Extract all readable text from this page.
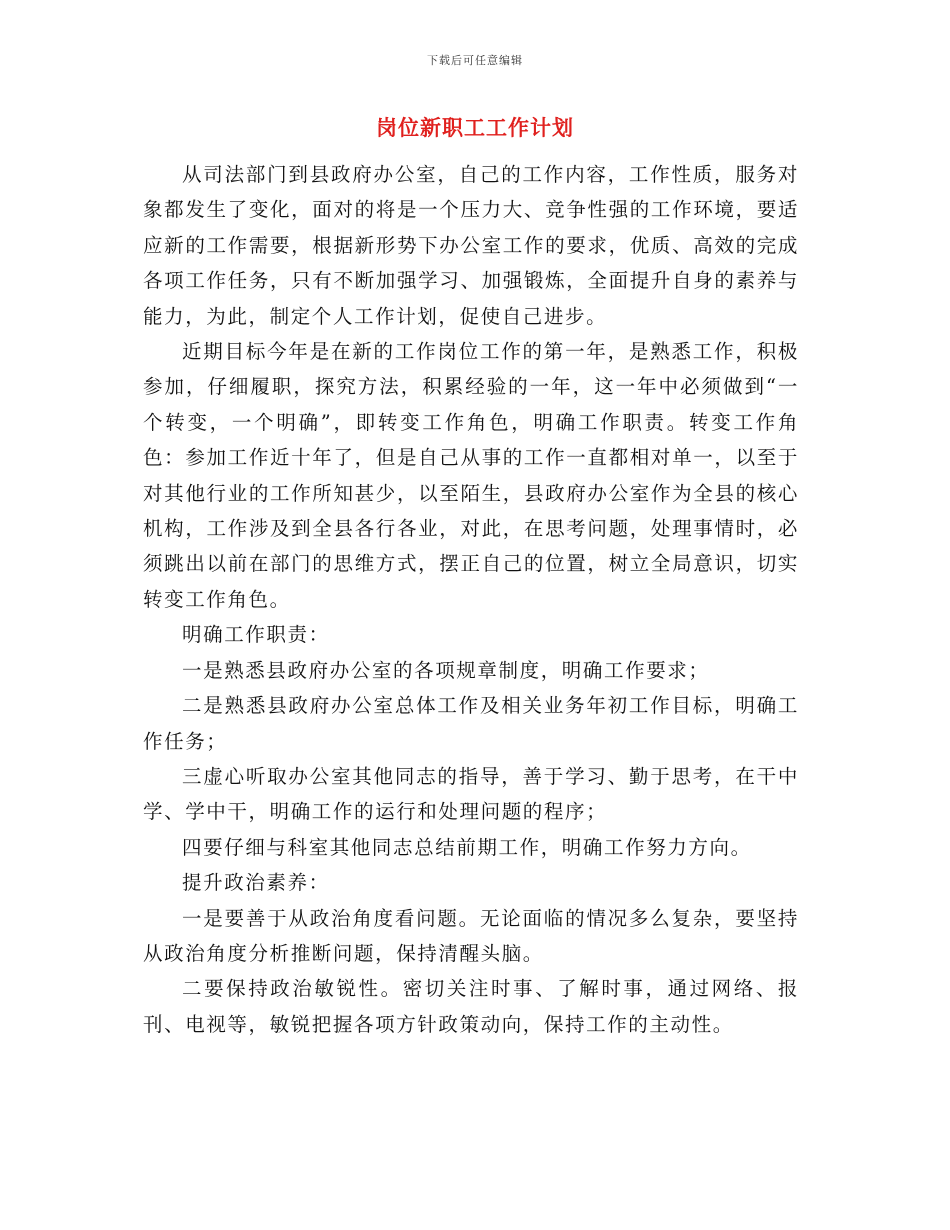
下载后可任意编辑
岗位新职工工作计划

从司法部门到县政府办公室，自己的工作内容，工作性质，服务对象都发生了变化，面对的将是一个压力大、竞争性强的工作环境，要适应新的工作需要，根据新形势下办公室工作的要求，优质、高效的完成各项工作任务，只有不断加强学习、加强锻炼，全面提升自身的素养与能力，为此，制定个人工作计划，促使自己进步。

近期目标今年是在新的工作岗位工作的第一年，是熟悉工作，积极参加，仔细履职，探究方法，积累经验的一年，这一年中必须做到“一个转变，一个明确”，即转变工作角色，明确工作职责。转变工作角色：参加工作近十年了，但是自己从事的工作一直都相对单一，以至于对其他行业的工作所知甚少，以至陌生，县政府办公室作为全县的核心机构，工作涉及到全县各行各业，对此，在思考问题，处理事情时，必须跳出以前在部门的思维方式，摆正自己的位置，树立全局意识，切实转变工作角色。

明确工作职责：

一是熟悉县政府办公室的各项规章制度，明确工作要求；

二是熟悉县政府办公室总体工作及相关业务年初工作目标，明确工作任务；

三虚心听取办公室其他同志的指导，善于学习、勤于思考，在干中学、学中干，明确工作的运行和处理问题的程序；

四要仔细与科室其他同志总结前期工作，明确工作努力方向。

提升政治素养：

一是要善于从政治角度看问题。无论面临的情况多么复杂，要坚持从政治角度分析推断问题，保持清醒头脑。

二要保持政治敏锐性。密切关注时事、了解时事，通过网络、报刊、电视等，敏锐把握各项方针政策动向，保持工作的主动性。
